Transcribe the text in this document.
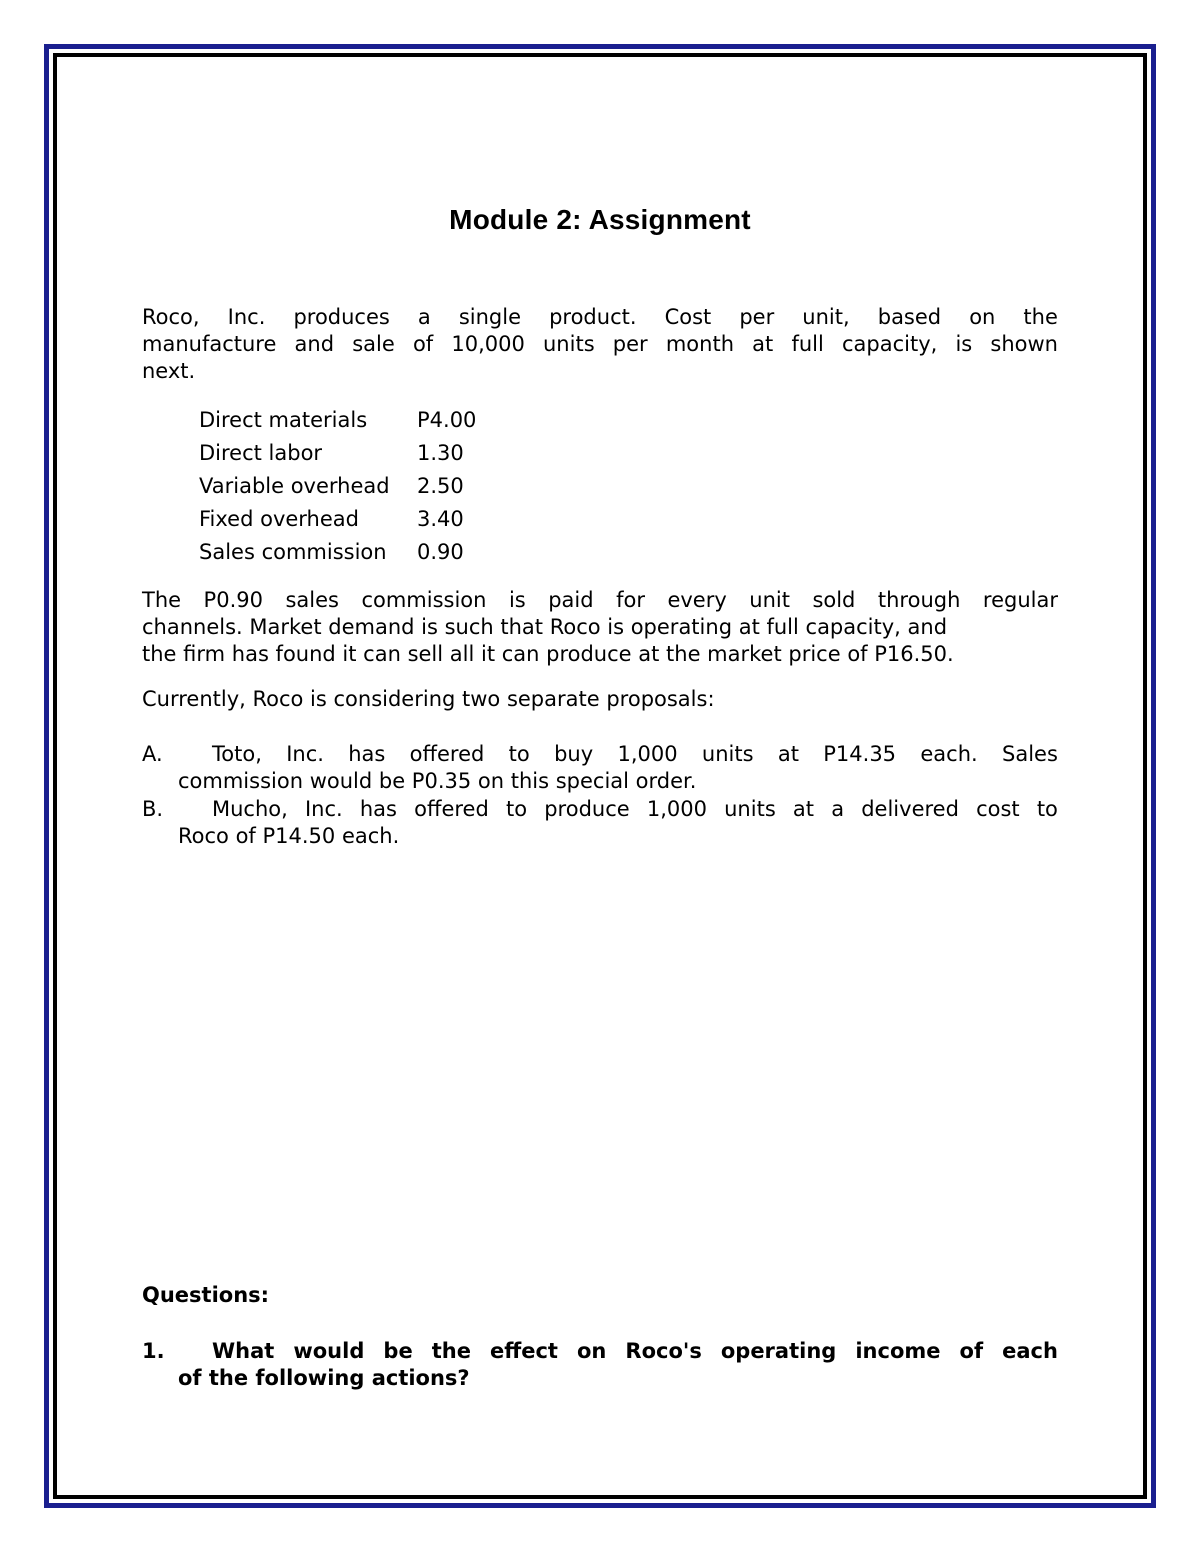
Module 2: Assignment
Roco, Inc. produces a single product. Cost per unit, based on the
manufacture and sale of 10,000 units per month at full capacity, is shown
next.
Direct materials	P4.00
Direct labor	1.30
Variable overhead	2.50
Fixed overhead	3.40
Sales commission	0.90
The P0.90 sales commission is paid for every unit sold through regular
channels. Market demand is such that Roco is operating at full capacity, and
the firm has found it can sell all it can produce at the market price of P16.50.

Currently, Roco is considering two separate proposals:

A.	Toto, Inc. has offered to buy 1,000 units at P14.35 each. Sales
commission would be P0.35 on this special order.
B.	Mucho, Inc. has offered to produce 1,000 units at a delivered cost to
Roco of P14.50 each.

Questions:

1.	What would be the effect on Roco's operating income of each
of the following actions?
